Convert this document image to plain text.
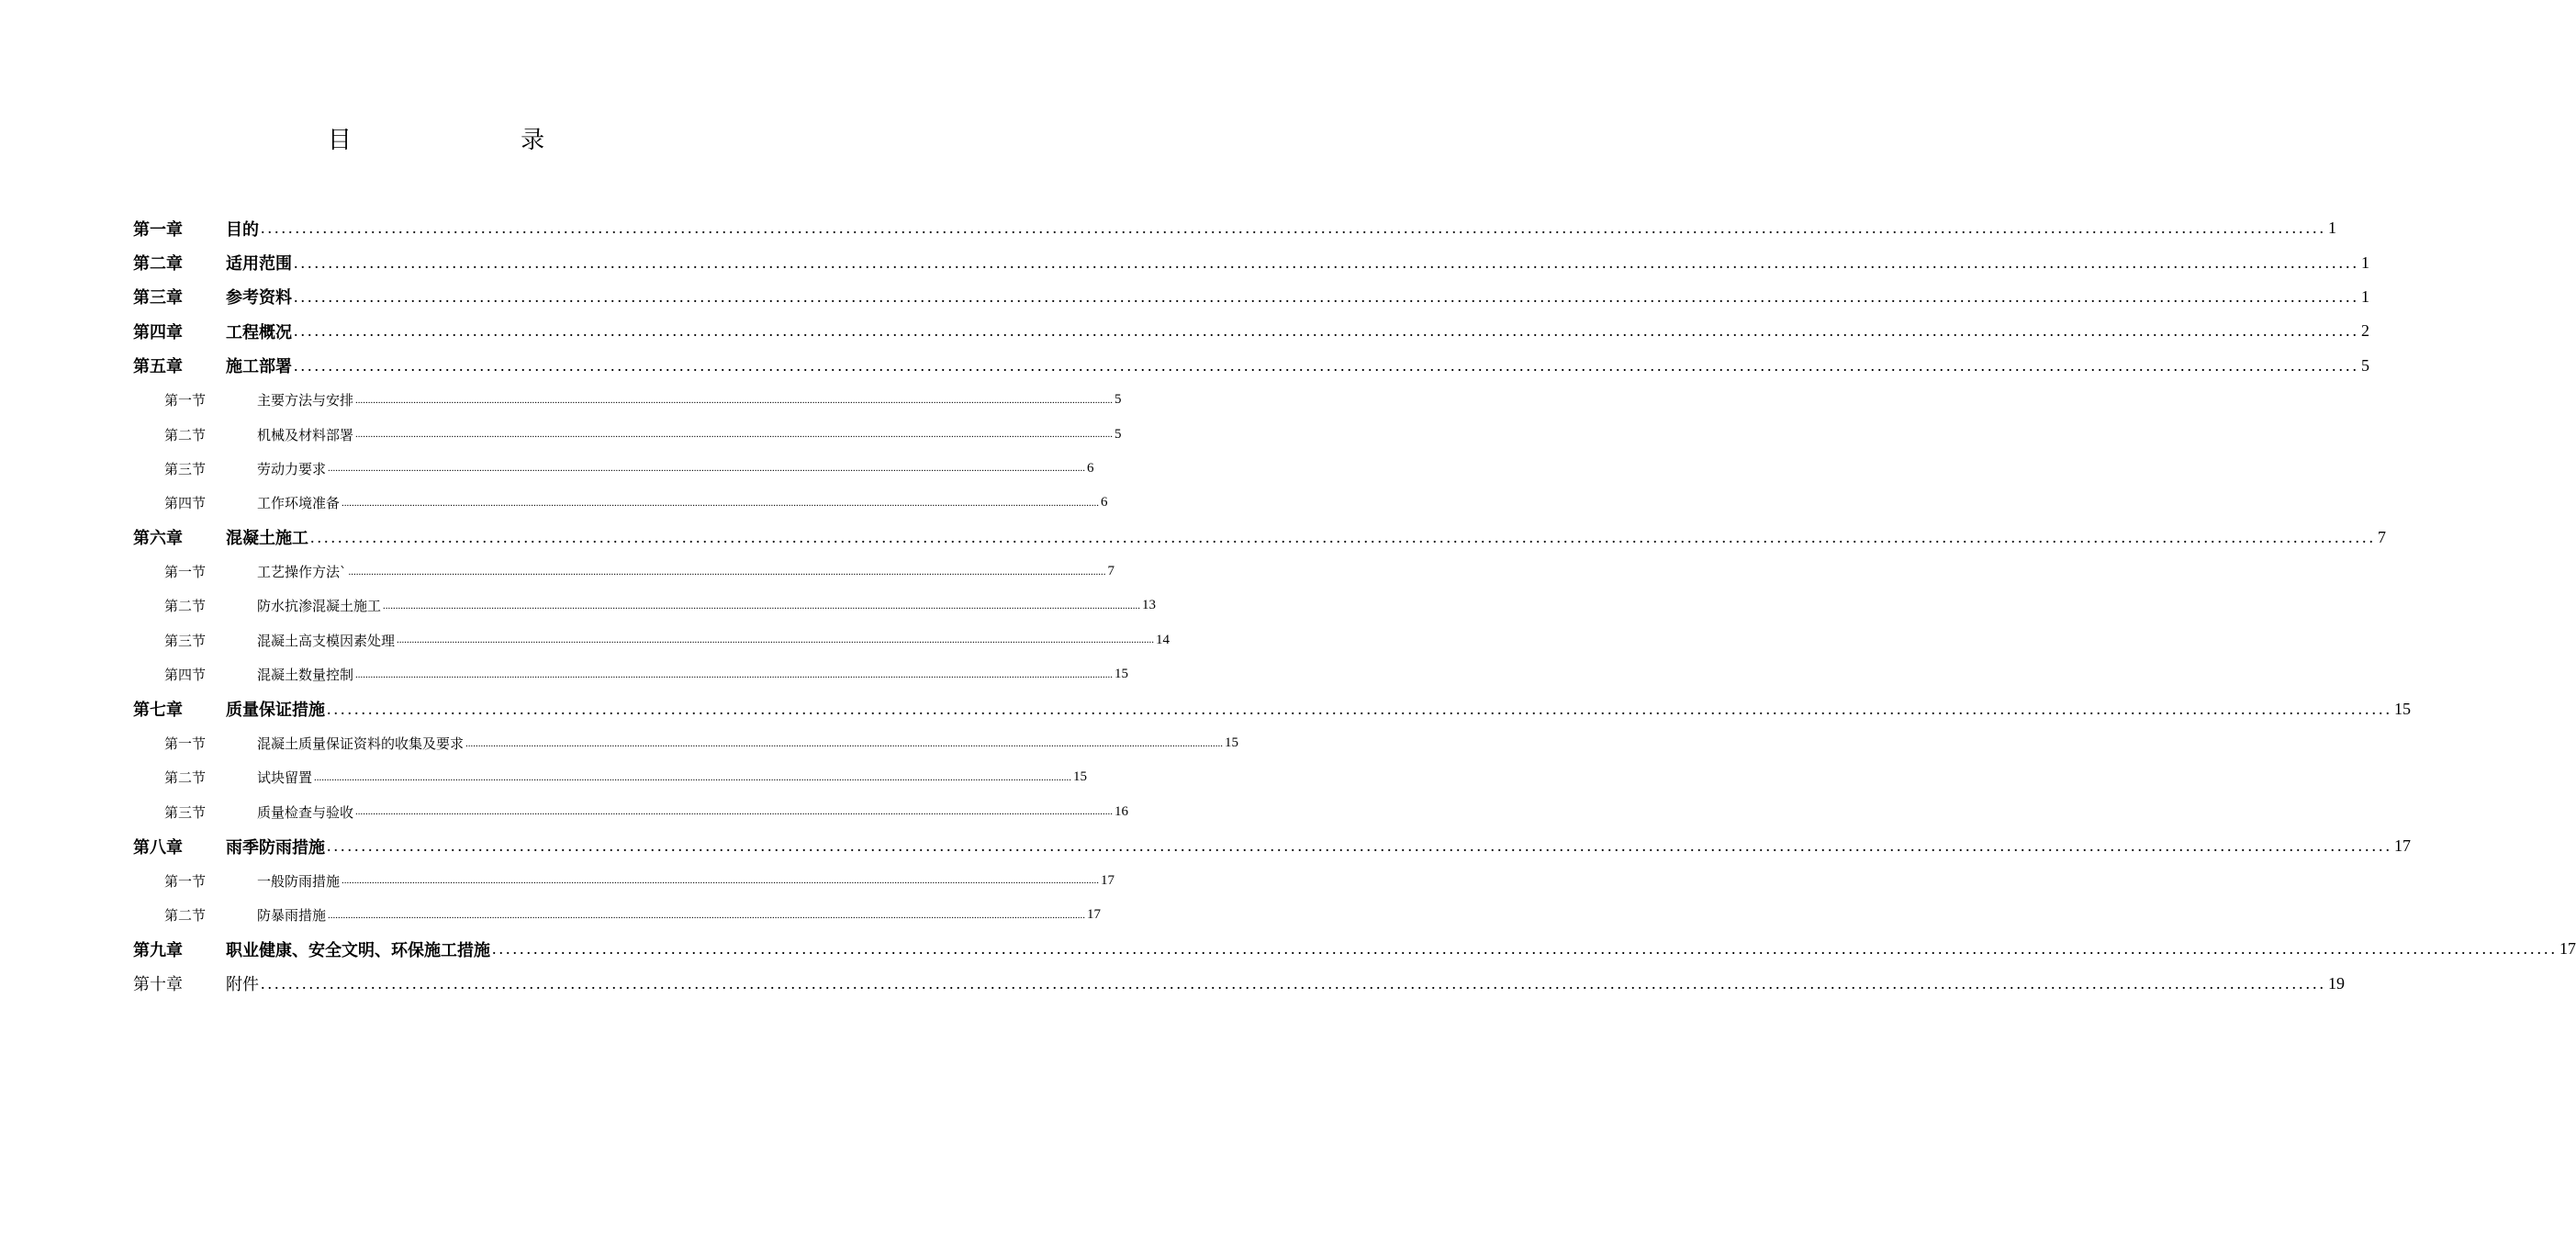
目 录
第一章	目的 ............................................................................................................................................................................................................................................................................................................ 1
第二章	适用范围 ............................................................................................................................................................................................................................................................................................................ 1
第三章	参考资料 ............................................................................................................................................................................................................................................................................................................ 1
第四章	工程概况 ............................................................................................................................................................................................................................................................................................................ 2
第五章	施工部署 ............................................................................................................................................................................................................................................................................................................ 5
第一节	主要方法与安排 ............................................................................................................................................................................................................................................................................................................ 5
第二节	机械及材料部署 ............................................................................................................................................................................................................................................................................................................ 5
第三节	劳动力要求 ............................................................................................................................................................................................................................................................................................................ 6
第四节	工作环境准备 ............................................................................................................................................................................................................................................................................................................ 6
第六章	混凝土施工 ............................................................................................................................................................................................................................................................................................................ 7
第一节	工艺操作方法` ............................................................................................................................................................................................................................................................................................................ 7
第二节	防水抗渗混凝土施工 ............................................................................................................................................................................................................................................................................................................ 13
第三节	混凝土高支模因素处理 ............................................................................................................................................................................................................................................................................................................ 14
第四节	混凝土数量控制 ............................................................................................................................................................................................................................................................................................................ 15
第七章	质量保证措施 ............................................................................................................................................................................................................................................................................................................ 15
第一节	混凝土质量保证资料的收集及要求 ............................................................................................................................................................................................................................................................................................................ 15
第二节	试块留置 ............................................................................................................................................................................................................................................................................................................ 15
第三节	质量检查与验收 ............................................................................................................................................................................................................................................................................................................ 16
第八章	雨季防雨措施 ............................................................................................................................................................................................................................................................................................................ 17
第一节	一般防雨措施 ............................................................................................................................................................................................................................................................................................................ 17
第二节	防暴雨措施 ............................................................................................................................................................................................................................................................................................................ 17
第九章	职业健康、安全文明、环保施工措施 ............................................................................................................................................................................................................................................................................................................ 17
第十章	附件 ............................................................................................................................................................................................................................................................................................................ 19
